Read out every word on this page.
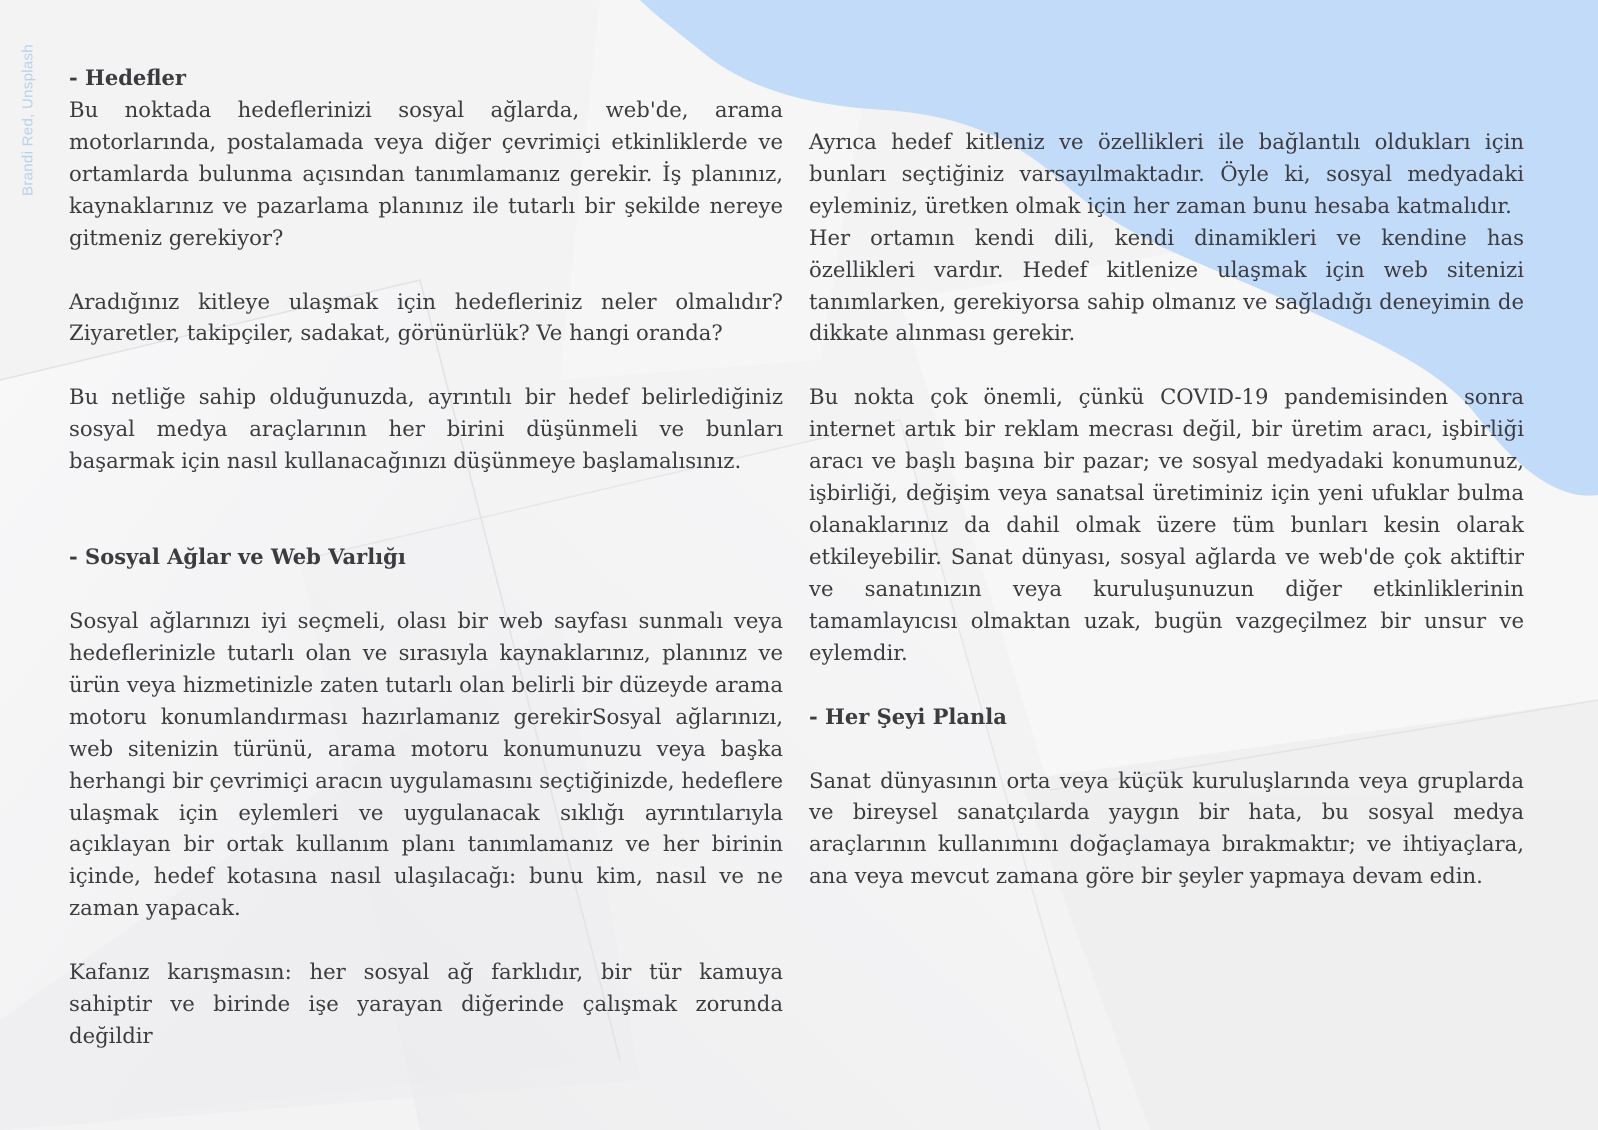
Brandi Red, Unsplash - Hedefler

Bu noktada hedeflerinizi sosyal ağlarda, web'de, arama motorlarında, postalamada veya diğer çevrimiçi etkinliklerde ve ortamlarda bulunma açısından tanımlamanız gerekir. İş planınız, kaynaklarınız ve pazarlama planınız ile tutarlı bir şekilde nereye gitmeniz gerekiyor?

Aradığınız kitleye ulaşmak için hedefleriniz neler olmalıdır? Ziyaretler, takipçiler, sadakat, görünürlük? Ve hangi oranda?

Bu netliğe sahip olduğunuzda, ayrıntılı bir hedef belirlediğiniz sosyal medya araçlarının her birini düşünmeli ve bunları başarmak için nasıl kullanacağınızı düşünmeye başlamalısınız.

- Sosyal Ağlar ve Web Varlığı

Sosyal ağlarınızı iyi seçmeli, olası bir web sayfası sunmalı veya hedeflerinizle tutarlı olan ve sırasıyla kaynaklarınız, planınız ve ürün veya hizmetinizle zaten tutarlı olan belirli bir düzeyde arama motoru konumlandırması hazırlamanız gerekirSosyal ağlarınızı, web sitenizin türünü, arama motoru konumunuzu veya başka herhangi bir çevrimiçi aracın uygulamasını seçtiğinizde, hedeflere ulaşmak için eylemleri ve uygulanacak sıklığı ayrıntılarıyla açıklayan bir ortak kullanım planı tanımlamanız ve her birinin içinde, hedef kotasına nasıl ulaşılacağı: bunu kim, nasıl ve ne zaman yapacak.

Kafanız karışmasın: her sosyal ağ farklıdır, bir tür kamuya sahiptir ve birinde işe yarayan diğerinde çalışmak zorunda değildir

Ayrıca hedef kitleniz ve özellikleri ile bağlantılı oldukları için bunları seçtiğiniz varsayılmaktadır. Öyle ki, sosyal medyadaki eyleminiz, üretken olmak için her zaman bunu hesaba katmalıdır.

Her ortamın kendi dili, kendi dinamikleri ve kendine has özellikleri vardır. Hedef kitlenize ulaşmak için web sitenizi tanımlarken, gerekiyorsa sahip olmanız ve sağladığı deneyimin de dikkate alınması gerekir.

Bu nokta çok önemli, çünkü COVID-19 pandemisinden sonra internet artık bir reklam mecrası değil, bir üretim aracı, işbirliği aracı ve başlı başına bir pazar; ve sosyal medyadaki konumunuz, işbirliği, değişim veya sanatsal üretiminiz için yeni ufuklar bulma olanaklarınız da dahil olmak üzere tüm bunları kesin olarak etkileyebilir. Sanat dünyası, sosyal ağlarda ve web'de çok aktiftir ve sanatınızın veya kuruluşunuzun diğer etkinliklerinin tamamlayıcısı olmaktan uzak, bugün vazgeçilmez bir unsur ve eylemdir.

- Her Şeyi Planla

Sanat dünyasının orta veya küçük kuruluşlarında veya gruplarda ve bireysel sanatçılarda yaygın bir hata, bu sosyal medya araçlarının kullanımını doğaçlamaya bırakmaktır; ve ihtiyaçlara, ana veya mevcut zamana göre bir şeyler yapmaya devam edin.
